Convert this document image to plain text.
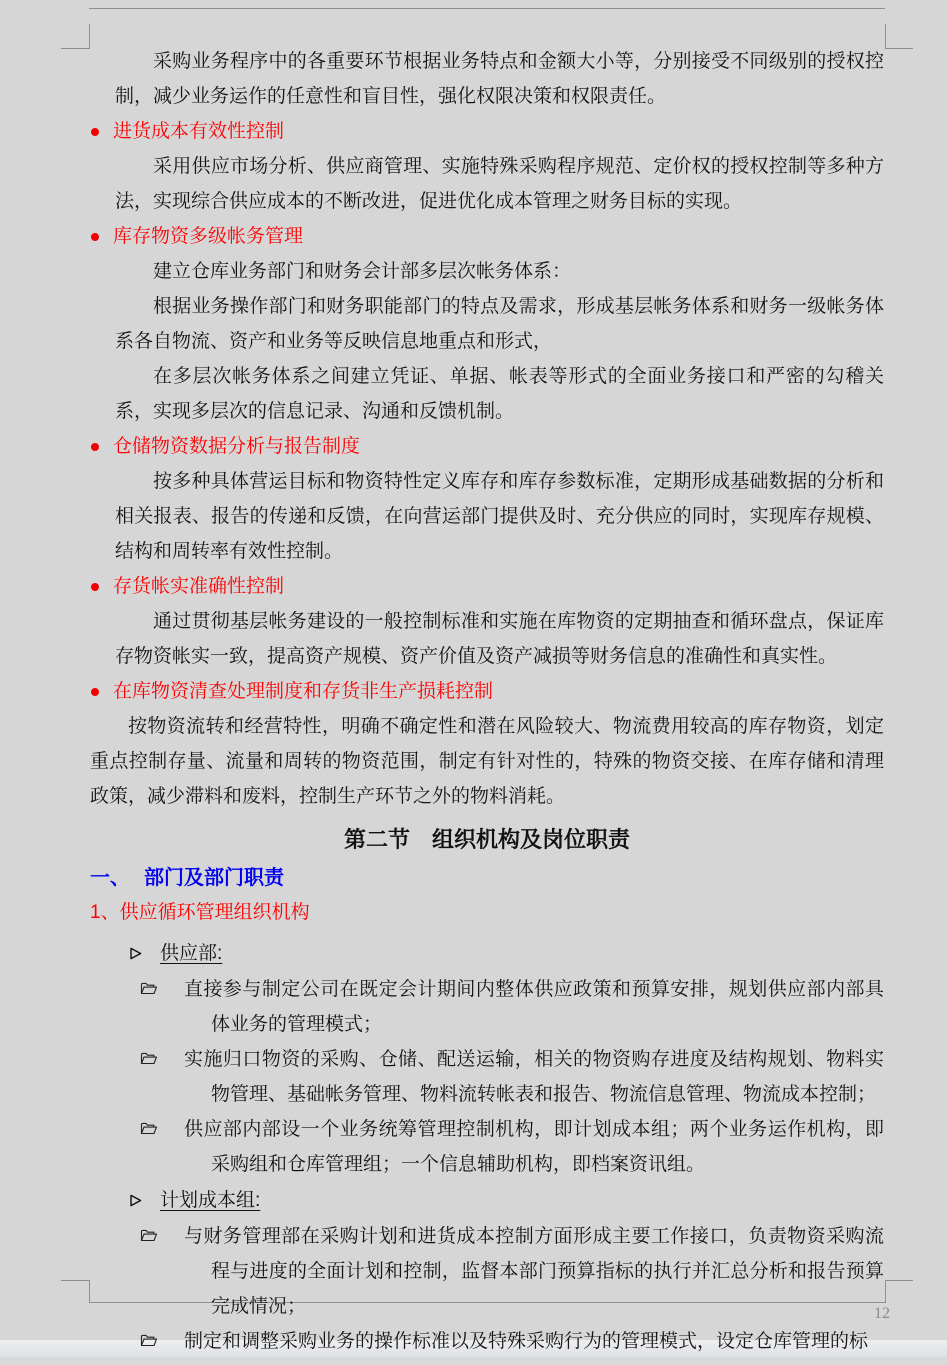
12

采购业务程序中的各重要环节根据业务特点和金额大小等，分别接受不同级别的授权控制，减少业务运作的任意性和盲目性，强化权限决策和权限责任。

进货成本有效性控制

采用供应市场分析、供应商管理、实施特殊采购程序规范、定价权的授权控制等多种方法，实现综合供应成本的不断改进，促进优化成本管理之财务目标的实现。

库存物资多级帐务管理

建立仓库业务部门和财务会计部多层次帐务体系：

根据业务操作部门和财务职能部门的特点及需求，形成基层帐务体系和财务一级帐务体系各自物流、资产和业务等反映信息地重点和形式，

在多层次帐务体系之间建立凭证、单据、帐表等形式的全面业务接口和严密的勾稽关系，实现多层次的信息记录、沟通和反馈机制。

仓储物资数据分析与报告制度

按多种具体营运目标和物资特性定义库存和库存参数标准，定期形成基础数据的分析和相关报表、报告的传递和反馈，在向营运部门提供及时、充分供应的同时，实现库存规模、结构和周转率有效性控制。

存货帐实准确性控制

通过贯彻基层帐务建设的一般控制标准和实施在库物资的定期抽查和循环盘点，保证库存物资帐实一致，提高资产规模、资产价值及资产减损等财务信息的准确性和真实性。

在库物资清查处理制度和存货非生产损耗控制

按物资流转和经营特性，明确不确定性和潜在风险较大、物流费用较高的库存物资，划定重点控制存量、流量和周转的物资范围，制定有针对性的，特殊的物资交接、在库存储和清理政策，减少滞料和废料，控制生产环节之外的物料消耗。

第二节　组织机构及岗位职责
一、 部门及部门职责

1、供应循环管理组织机构

供应部:
直接参与制定公司在既定会计期间内整体供应政策和预算安排，规划供应部内部具体业务的管理模式；
实施归口物资的采购、仓储、配送运输，相关的物资购存进度及结构规划、物料实物管理、基础帐务管理、物料流转帐表和报告、物流信息管理、物流成本控制；
供应部内部设一个业务统筹管理控制机构，即计划成本组；两个业务运作机构，即采购组和仓库管理组；一个信息辅助机构，即档案资讯组。
计划成本组:
与财务管理部在采购计划和进货成本控制方面形成主要工作接口，负责物资采购流程与进度的全面计划和控制，监督本部门预算指标的执行并汇总分析和报告预算完成情况；
制定和调整采购业务的操作标准以及特殊采购行为的管理模式，设定仓库管理的标
